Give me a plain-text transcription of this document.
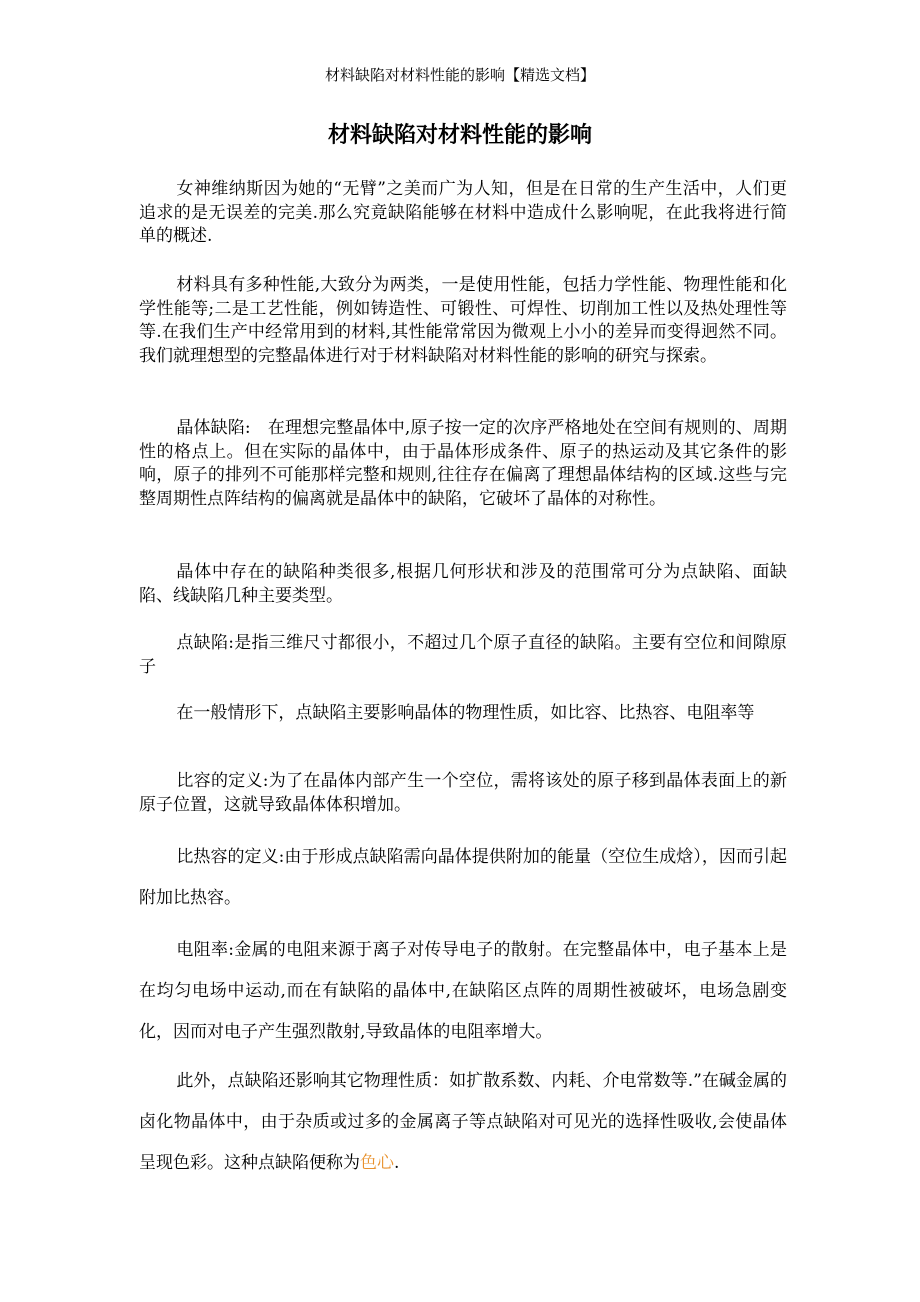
材料缺陷对材料性能的影响【精选文档】
材料缺陷对材料性能的影响

女神维纳斯因为她的“无臂”之美而广为人知，但是在日常的生产生活中，人们更追求的是无误差的完美.那么究竟缺陷能够在材料中造成什么影响呢，在此我将进行简单的概述.

材料具有多种性能,大致分为两类，一是使用性能，包括力学性能、物理性能和化学性能等;二是工艺性能，例如铸造性、可锻性、可焊性、切削加工性以及热处理性等等.在我们生产中经常用到的材料,其性能常常因为微观上小小的差异而变得迥然不同。我们就理想型的完整晶体进行对于材料缺陷对材料性能的影响的研究与探索。

晶体缺陷:　在理想完整晶体中,原子按一定的次序严格地处在空间有规则的、周期性的格点上。但在实际的晶体中，由于晶体形成条件、原子的热运动及其它条件的影响，原子的排列不可能那样完整和规则,往往存在偏离了理想晶体结构的区域.这些与完整周期性点阵结构的偏离就是晶体中的缺陷，它破坏了晶体的对称性。

晶体中存在的缺陷种类很多,根据几何形状和涉及的范围常可分为点缺陷、面缺陷、线缺陷几种主要类型。

点缺陷:是指三维尺寸都很小，不超过几个原子直径的缺陷。主要有空位和间隙原子

在一般情形下，点缺陷主要影响晶体的物理性质，如比容、比热容、电阻率等

比容的定义:为了在晶体内部产生一个空位，需将该处的原子移到晶体表面上的新原子位置，这就导致晶体体积增加。

比热容的定义:由于形成点缺陷需向晶体提供附加的能量（空位生成焓），因而引起附加比热容。

电阻率:金属的电阻来源于离子对传导电子的散射。在完整晶体中，电子基本上是在均匀电场中运动,而在有缺陷的晶体中,在缺陷区点阵的周期性被破坏，电场急剧变化，因而对电子产生强烈散射,导致晶体的电阻率增大。

此外，点缺陷还影响其它物理性质：如扩散系数、内耗、介电常数等.”在碱金属的卤化物晶体中，由于杂质或过多的金属离子等点缺陷对可见光的选择性吸收,会使晶体呈现色彩。这种点缺陷便称为色心.
